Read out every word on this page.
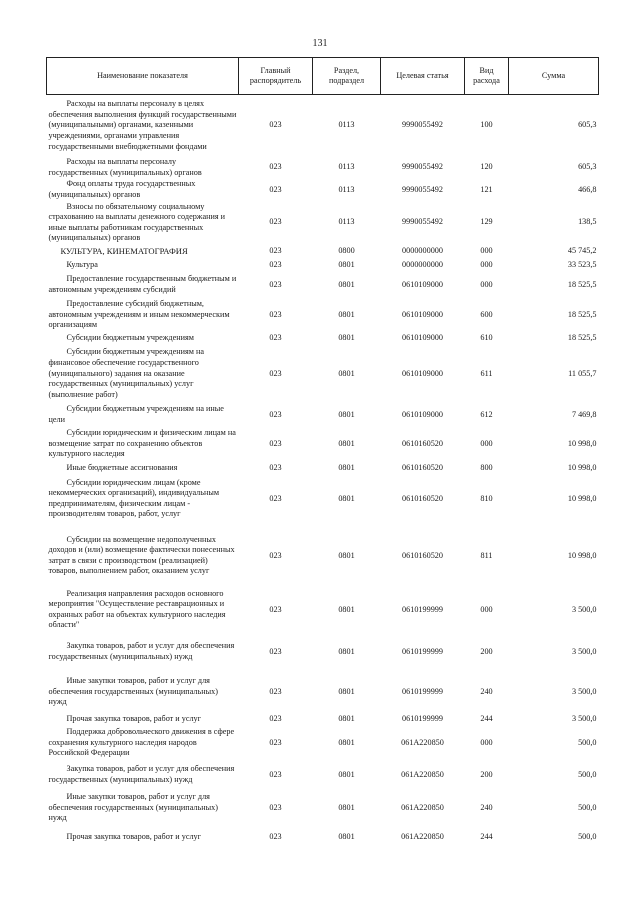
131
Наименование показателя	Главный распорядитель	Раздел, подраздел	Целевая статья	Вид расхода	Сумма

Расходы на выплаты персоналу в целях обеспечения выполнения функций государственными (муниципальными) органами, казенными учреждениями, органами управления государственными внебюджетными фондами	023	0113	9990055492	100	605,3

Расходы на выплаты персоналу государственных (муниципальных) органов	023	0113	9990055492	120	605,3

Фонд оплаты труда государственных (муниципальных) органов	023	0113	9990055492	121	466,8

Взносы по обязательному социальному страхованию на выплаты денежного содержания и иные выплаты работникам государственных (муниципальных) органов	023	0113	9990055492	129	138,5

КУЛЬТУРА, КИНЕМАТОГРАФИЯ	023	0800	0000000000	000	45 745,2

Культура	023	0801	0000000000	000	33 523,5

Предоставление государственным бюджетным и автономным учреждениям субсидий	023	0801	0610109000	000	18 525,5

Предоставление субсидий бюджетным, автономным учреждениям и иным некоммерческим организациям	023	0801	0610109000	600	18 525,5

Субсидии бюджетным учреждениям	023	0801	0610109000	610	18 525,5

Субсидии бюджетным учреждениям на финансовое обеспечение государственного (муниципального) задания на оказание государственных (муниципальных) услуг (выполнение работ)	023	0801	0610109000	611	11 055,7

Субсидии бюджетным учреждениям на иные цели	023	0801	0610109000	612	7 469,8

Субсидии юридическим и физическим лицам на возмещение затрат по сохранению объектов культурного наследия	023	0801	0610160520	000	10 998,0

Иные бюджетные ассигнования	023	0801	0610160520	800	10 998,0

Субсидии юридическим лицам (кроме некоммерческих организаций), индивидуальным предпринимателям, физическим лицам - производителям товаров, работ, услуг	023	0801	0610160520	810	10 998,0

Субсидии на возмещение недополученных доходов и (или) возмещение фактически понесенных затрат в связи с производством (реализацией) товаров, выполнением работ, оказанием услуг	023	0801	0610160520	811	10 998,0

Реализация направления расходов основного мероприятия "Осуществление реставрационных и охранных работ на объектах культурного наследия области"	023	0801	0610199999	000	3 500,0

Закупка товаров, работ и услуг для обеспечения государственных (муниципальных) нужд	023	0801	0610199999	200	3 500,0

Иные закупки товаров, работ и услуг для обеспечения государственных (муниципальных) нужд	023	0801	0610199999	240	3 500,0

Прочая закупка товаров, работ и услуг	023	0801	0610199999	244	3 500,0

Поддержка добровольческого движения в сфере сохранения культурного наследия народов Российской Федерации	023	0801	061А220850	000	500,0

Закупка товаров, работ и услуг для обеспечения государственных (муниципальных) нужд	023	0801	061А220850	200	500,0

Иные закупки товаров, работ и услуг для обеспечения государственных (муниципальных) нужд	023	0801	061А220850	240	500,0

Прочая закупка товаров, работ и услуг	023	0801	061А220850	244	500,0
